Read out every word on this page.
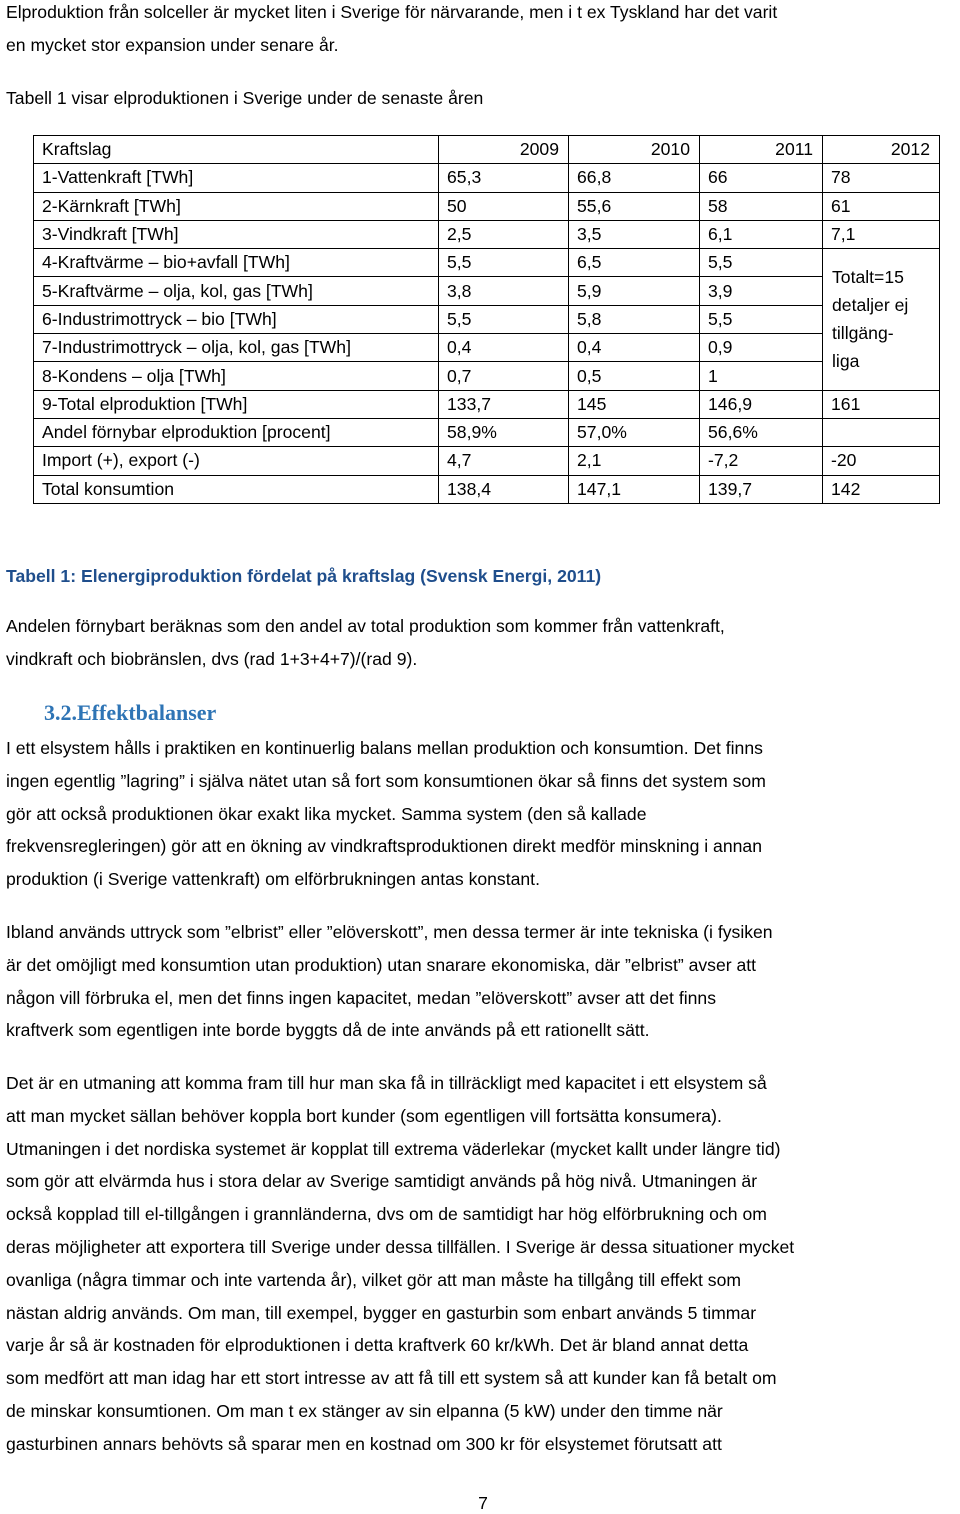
Elproduktion från solceller är mycket liten i Sverige för närvarande, men i t ex Tyskland har det varit
en mycket stor expansion under senare år.
Tabell 1 visar elproduktionen i Sverige under de senaste åren
Kraftslag	2009	2010	2011	2012
1-Vattenkraft [TWh]	65,3	66,8	66	78
2-Kärnkraft [TWh]	50	55,6	58	61
3-Vindkraft [TWh]	2,5	3,5	6,1	7,1
4-Kraftvärme – bio+avfall [TWh]	5,5	6,5	5,5	Totalt=15
detaljer ej
tillgäng-
liga

5-Kraftvärme – olja, kol, gas [TWh]	3,8	5,9	3,9	
6-Industrimottryck – bio [TWh]	5,5	5,8	5,5	
7-Industrimottryck – olja, kol, gas [TWh]	0,4	0,4	0,9	
8-Kondens – olja [TWh]	0,7	0,5	1	
9-Total elproduktion [TWh]	133,7	145	146,9	161
Andel förnybar elproduktion [procent]	58,9%	57,0%	56,6%	
Import (+), export (-)	4,7	2,1	-7,2	-20
Total konsumtion	138,4	147,1	139,7	142
Tabell 1: Elenergiproduktion fördelat på kraftslag (Svensk Energi, 2011)
Andelen förnybart beräknas som den andel av total produktion som kommer från vattenkraft,
vindkraft och biobränslen, dvs (rad 1+3+4+7)/(rad 9).
3.2.Effektbalanser
I ett elsystem hålls i praktiken en kontinuerlig balans mellan produktion och konsumtion. Det finns
ingen egentlig ”lagring” i själva nätet utan så fort som konsumtionen ökar så finns det system som
gör att också produktionen ökar exakt lika mycket. Samma system (den så kallade
frekvensregleringen) gör att en ökning av vindkraftsproduktionen direkt medför minskning i annan
produktion (i Sverige vattenkraft) om elförbrukningen antas konstant.
Ibland används uttryck som ”elbrist” eller ”elöverskott”, men dessa termer är inte tekniska (i fysiken
är det omöjligt med konsumtion utan produktion) utan snarare ekonomiska, där ”elbrist” avser att
någon vill förbruka el, men det finns ingen kapacitet, medan ”elöverskott” avser att det finns
kraftverk som egentligen inte borde byggts då de inte används på ett rationellt sätt.
Det är en utmaning att komma fram till hur man ska få in tillräckligt med kapacitet i ett elsystem så
att man mycket sällan behöver koppla bort kunder (som egentligen vill fortsätta konsumera).
Utmaningen i det nordiska systemet är kopplat till extrema väderlekar (mycket kallt under längre tid)
som gör att elvärmda hus i stora delar av Sverige samtidigt används på hög nivå. Utmaningen är
också kopplad till el-tillgången i grannländerna, dvs om de samtidigt har hög elförbrukning och om
deras möjligheter att exportera till Sverige under dessa tillfällen. I Sverige är dessa situationer mycket
ovanliga (några timmar och inte vartenda år), vilket gör att man måste ha tillgång till effekt som
nästan aldrig används. Om man, till exempel, bygger en gasturbin som enbart används 5 timmar
varje år så är kostnaden för elproduktionen i detta kraftverk 60 kr/kWh. Det är bland annat detta
som medfört att man idag har ett stort intresse av att få till ett system så att kunder kan få betalt om
de minskar konsumtionen. Om man t ex stänger av sin elpanna (5 kW) under den timme när
gasturbinen annars behövts så sparar men en kostnad om 300 kr för elsystemet förutsatt att
7
